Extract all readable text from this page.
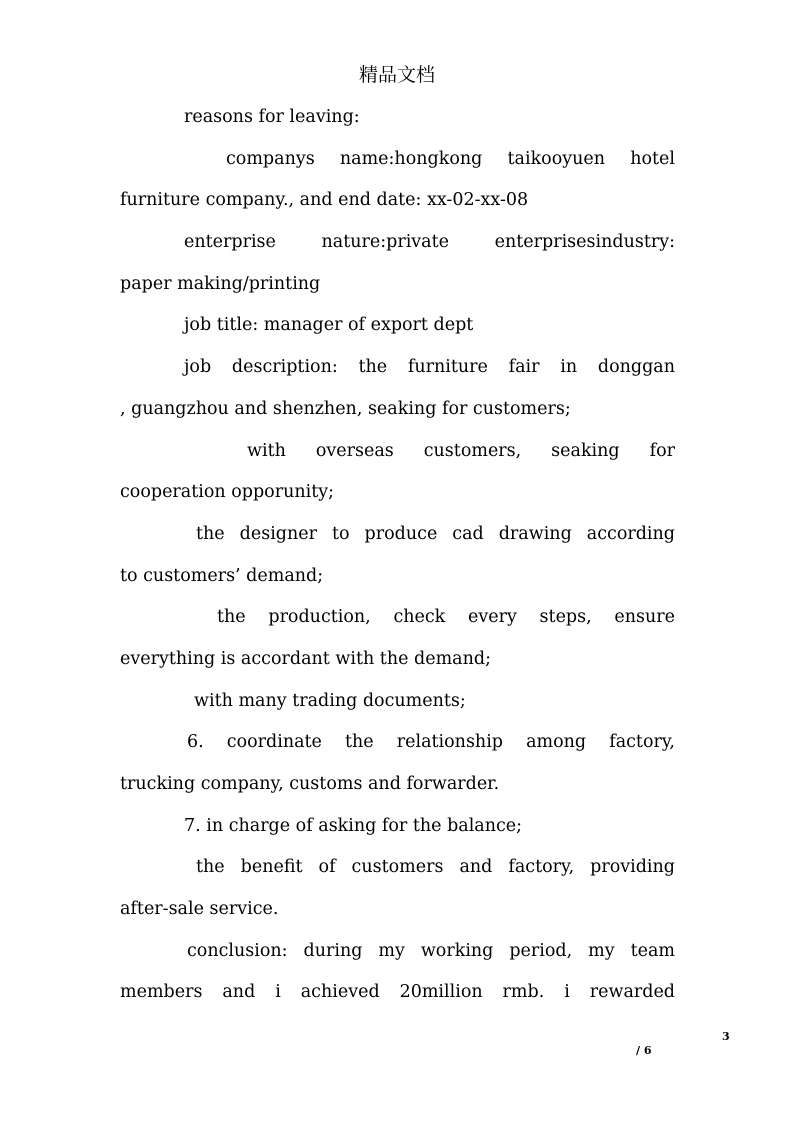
精品文档
reasons for leaving:
companys name:hongkong taikooyuen hotel
furniture company., and end date: xx-02-xx-08
enterprise nature:private enterprisesindustry:
paper making/printing
job title: manager of export dept
job description: the furniture fair in donggan
, guangzhou and shenzhen, seaking for customers;
with overseas customers, seaking for
cooperation opporunity;
the designer to produce cad drawing according
to customers’ demand;
the production, check every steps, ensure
everything is accordant with the demand;
with many trading documents;
6. coordinate the relationship among factory,
trucking company, customs and forwarder.
7. in charge of asking for the balance;
the benefit of customers and factory, providing
after-sale service.
conclusion: during my working period, my team
members and i achieved 20million rmb. i rewarded
3
/ 6
